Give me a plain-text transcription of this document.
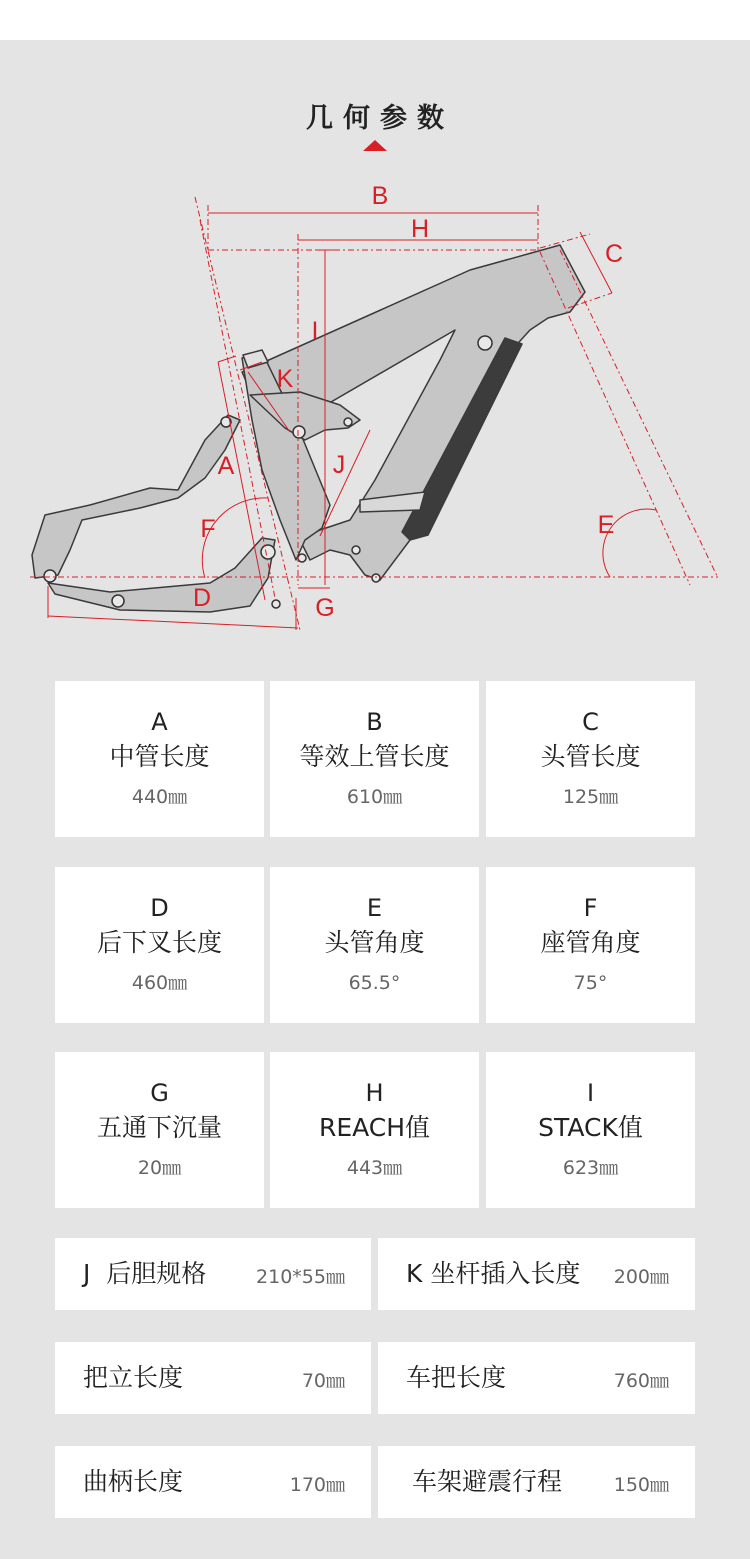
几何参数
B
H
C
I
K
A	J
F	E
D	G
A
中管长度
440㎜
B
等效上管长度
610㎜
C
头管长度
125㎜
D
后下叉长度
460㎜
E
头管角度
65.5°
F
座管角度
75°
G
五通下沉量
20㎜
H
REACH值
443㎜
I
STACK值
623㎜
J  后胆规格	210*55㎜ K 坐杆插入长度 200㎜
把立长度	70㎜ 车把长度	760㎜
曲柄长度	170㎜	车架避震行程	150㎜
